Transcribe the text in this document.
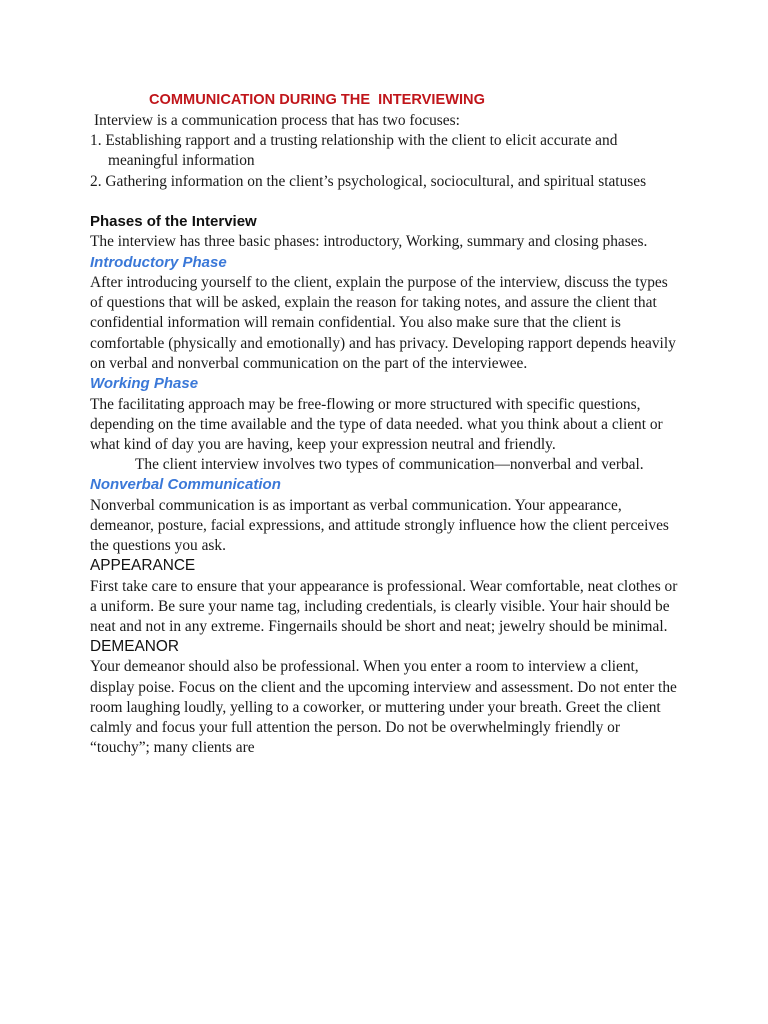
COMMUNICATION DURING THE  INTERVIEWING

Interview is a communication process that has two focuses:

1. Establishing rapport and a trusting relationship with the client to elicit accurate and meaningful information

2. Gathering information on the client’s psychological, sociocultural, and spiritual statuses

Phases of the Interview

The interview has three basic phases: introductory, Working, summary and closing phases.

Introductory Phase

After introducing yourself to the client, explain the purpose of the interview, discuss the types of questions that will be asked, explain the reason for taking notes, and assure the client that confidential information will remain confidential. You also make sure that the client is comfortable (physically and emotionally) and has privacy. Developing rapport depends heavily on verbal and nonverbal communication on the part of the interviewee.

Working Phase

The facilitating approach may be free-flowing or more structured with specific questions, depending on the time available and the type of data needed. what you think about a client or what kind of day you are having, keep your expression neutral and friendly.

The client interview involves two types of communication—nonverbal and verbal.

Nonverbal Communication

Nonverbal communication is as important as verbal communication. Your appearance, demeanor, posture, facial expressions, and attitude strongly influence how the client perceives the questions you ask.

APPEARANCE

First take care to ensure that your appearance is professional. Wear comfortable, neat clothes or a uniform. Be sure your name tag, including credentials, is clearly visible. Your hair should be neat and not in any extreme. Fingernails should be short and neat; jewelry should be minimal.

DEMEANOR

Your demeanor should also be professional. When you enter a room to interview a client, display poise. Focus on the client and the upcoming interview and assessment. Do not enter the room laughing loudly, yelling to a coworker, or muttering under your breath. Greet the client calmly and focus your full attention the person. Do not be overwhelmingly friendly or “touchy”; many clients are
